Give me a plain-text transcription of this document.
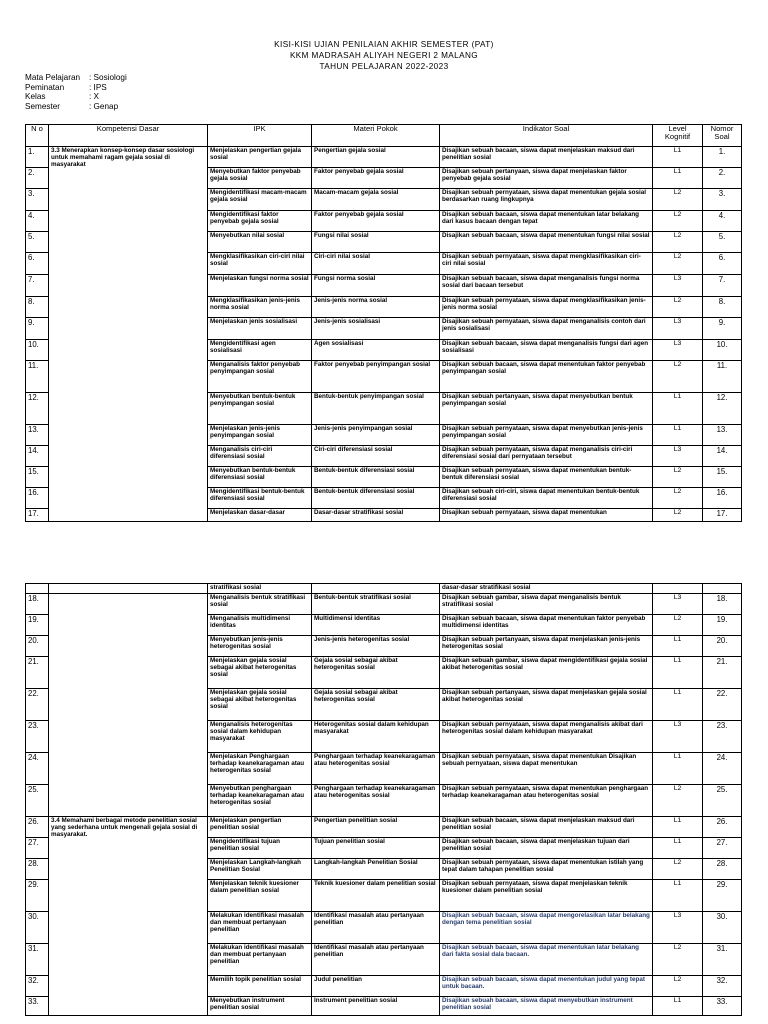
KISI-KISI UJIAN PENILAIAN AKHIR SEMESTER (PAT)
KKM MADRASAH ALIYAH NEGERI 2 MALANG
TAHUN PELAJARAN 2022-2023
Mata Pelajaran : Sosiologi
Peminatan	: IPS
Kelas	: X
Semester	: Genap
N o	Kompetensi Dasar	IPK	Materi Pokok	Indikator Soal	Level Kognitif	Nomor Soal
1.	3.3 Menerapkan konsep-konsep dasar sosiologi untuk memahami ragam gejala sosial di masyarakat	Menjelaskan pengertian gejala sosial	Pengertian gejala sosial	Disajikan sebuah bacaan, siswa dapat menjelaskan maksud dari penelitian sosial	L1	1.
2.		Menyebutkan faktor penyebab gejala sosial	Faktor penyebab gejala sosial	Disajikan sebuah pertanyaan, siswa dapat menjelaskan faktor penyebab gejala sosial	L1	2.
3.		Mengidentifikasi macam-macam gejala sosial	Macam-macam gejala sosial	Disajikan sebuah pernyataan, siswa dapat menentukan gejala sosial berdasarkan ruang lingkupnya	L2	3.
4.		Mengidentifikasi faktor penyebab gejala sosial	Faktor penyebab gejala sosial	Disajikan sebuah bacaan, siswa dapat menentukan latar belakang dari kasus bacaan dengan tepat	L2	4.
5.		Menyebutkan nilai sosial	Fungsi nilai sosial	Disajikan sebuah bacaan, siswa dapat menentukan fungsi nilai sosial	L2	5.
6.		Mengklasifikasikan ciri-ciri nilai sosial	Ciri-ciri nilai sosial	Disajikan sebuah pernyataan, siswa dapat mengklasifikasikan ciri-ciri nilai sosial	L2	6.
7.		Menjelaskan fungsi norma sosial	Fungsi norma sosial	Disajikan sebuah bacaan, siswa dapat menganalisis fungsi norma sosial dari bacaan tersebut	L3	7.
8.		Mengklasifikasikan jenis-jenis norma sosial	Jenis-jenis norma sosial	Disajikan sebuah pernyataan, siswa dapat mengklasifikasikan jenis-jenis norma sosial	L2	8.
9.		Menjelaskan jenis sosialisasi	Jenis-jenis sosialisasi	Disajikan sebuah pernyataan, siswa dapat menganalisis contoh dari jenis sosialisasi	L3	9.
10.		Mengidentifikasi agen sosialisasi	Agen sosialisasi	Disajikan sebuah bacaan, siswa dapat menganalisis fungsi dari agen sosialisasi	L3	10.
11.		Menganalisis faktor penyebab penyimpangan sosial	Faktor penyebab penyimpangan sosial	Disajikan sebuah bacaan, siswa dapat menentukan faktor penyebab penyimpangan sosial	L2	11.
12.		Menyebutkan bentuk-bentuk penyimpangan sosial	Bentuk-bentuk penyimpangan sosial	Disajikan sebuah pertanyaan, siswa dapat menyebutkan bentuk penyimpangan sosial	L1	12.
13.		Menjelaskan jenis-jenis penyimpangan sosial	Jenis-jenis penyimpangan sosial	Disajikan sebuah pernyataan, siswa dapat menyebutkan jenis-jenis penyimpangan sosial	L1	13.
14.		Menganalisis ciri-ciri diferensiasi sosial	Ciri-ciri diferensiasi sosial	Disajikan sebuah pernyataan, siswa dapat menganalisis ciri-ciri diferensiasi sosial dari pernyataan tersebut	L3	14.
15.		Menyebutkan bentuk-bentuk diferensiasi sosial	Bentuk-bentuk diferensiasi sosial	Disajikan sebuah pernyataan, siswa dapat menentukan bentuk-bentuk diferensiasi sosial	L2	15.
16.		Mengidentifikasi bentuk-bentuk diferensiasi sosial	Bentuk-bentuk diferensiasi sosial	Disajikan sebuah ciri-ciri, siswa dapat menentukan bentuk-bentuk diferensiasi sosial	L2	16.
17.		Menjelaskan dasar-dasar	Dasar-dasar stratifikasi sosial	Disajikan sebuah pernyataan, siswa dapat menentukan	L2	17.
		stratifikasi sosial		dasar-dasar stratifikasi sosial		
18.		Menganalisis bentuk stratifikasi sosial	Bentuk-bentuk stratifikasi sosial	Disajikan sebuah gambar, siswa dapat menganalisis bentuk stratifikasi sosial	L3	18.
19.		Menganalisis multidimensi identitas	Multidimensi identitas	Disajikan sebuah bacaan, siswa dapat menentukan faktor penyebab multidimensi identitas	L2	19.
20.		Menyebutkan jenis-jenis heterogenitas sosial	Jenis-jenis heterogenitas sosial	Disajikan sebuah pertanyaan, siswa dapat menjelaskan jenis-jenis heterogenitas sosial	L1	20.
21.		Menjelaskan gejala sosial sebagai akibat heterogenitas sosial	Gejala sosial sebagai akibat heterogenitas sosial	Disajikan sebuah gambar, siswa dapat mengidentifikasi gejala sosial akibat heterogenitas sosial	L1	21.
22.		Menjelaskan gejala sosial sebagai akibat heterogenitas sosial	Gejala sosial sebagai akibat heterogenitas sosial	Disajikan sebuah pertanyaan, siswa dapat menjelaskan gejala sosial akibat heterogenitas sosial	L1	22.
23.		Menganalisis heterogenitas sosial dalam kehidupan masyarakat	Heterogenitas sosial dalam kehidupan masyarakat	Disajikan sebuah pernyataan, siswa dapat menganalisis akibat dari heterogenitas sosial dalam kehidupan masyarakat	L3	23.
24.		Menjelaskan Penghargaan terhadap keanekaragaman atau heterogenitas sosial	Penghargaan terhadap keanekaragaman atau heterogenitas sosial	Disajikan sebuah pernyataan, siswa dapat menentukan Disajikan sebuah pernyataan, siswa dapat menentukan	L1	24.
25.		Menyebutkan penghargaan terhadap keanekaragaman atau heterogenitas sosial	Penghargaan terhadap keanekaragaman atau heterogenitas sosial	Disajikan sebuah pernyataan, siswa dapat menentukan penghargaan terhadap keanekaragaman atau heterogenitas sosial	L2	25.
26.	3.4 Memahami berbagai metode penelitian sosial yang sederhana untuk mengenali gejala sosial di masyarakat.	Menjelaskan pengertian penelitian sosial	Pengertian penelitian sosial	Disajikan sebuah bacaan, siswa dapat menjelaskan maksud dari penelitian sosial	L1	26.
27.		Mengidentifikasi tujuan penelitian sosial	Tujuan penelitian sosial	Disajikan sebuah bacaan, siswa dapat menjelaskan tujuan dari penelitian sosial	L1	27.
28.		Menjelaskan Langkah-langkah Penelitian Sosial	Langkah-langkah Penelitian Sosial	Disajikan sebuah pernyataan, siswa dapat menentukan istilah yang tepat dalam tahapan penelitian sosial	L2	28.
29.		Menjelaskan teknik kuesioner dalam penelitian sosial	Teknik kuesioner dalam penelitian sosial	Disajikan sebuah pernyataan, siswa dapat menjelaskan teknik kuesioner dalam penelitian sosial	L1	29.
30.		Melakukan identifikasi masalah dan membuat pertanyaan penelitian	Identifikasi masalah atau pertanyaan penelitian	Disajikan sebuah bacaan, siswa dapat mengorelasikan latar belakang dengan tema penelitian sosial	L3	30.
31.		Melakukan identifikasi masalah dan membuat pertanyaan penelitian	Identifikasi masalah atau pertanyaan penelitian	Disajikan sebuah bacaan, siswa dapat menentukan latar belakang dari fakta sosial dala bacaan.	L2	31.
32.		Memilih topik penelitian sosial	Judul penelitian	Disajikan sebuah bacaan, siswa dapat menentukan judul yang tepat untuk bacaan.	L2	32.
33.		Menyebutkan instrument penelitian sosial	Instrument penelitian sosial	Disajikan sebuah bacaan, siswa dapat menyebutkan instrument penelitian sosial	L1	33.
